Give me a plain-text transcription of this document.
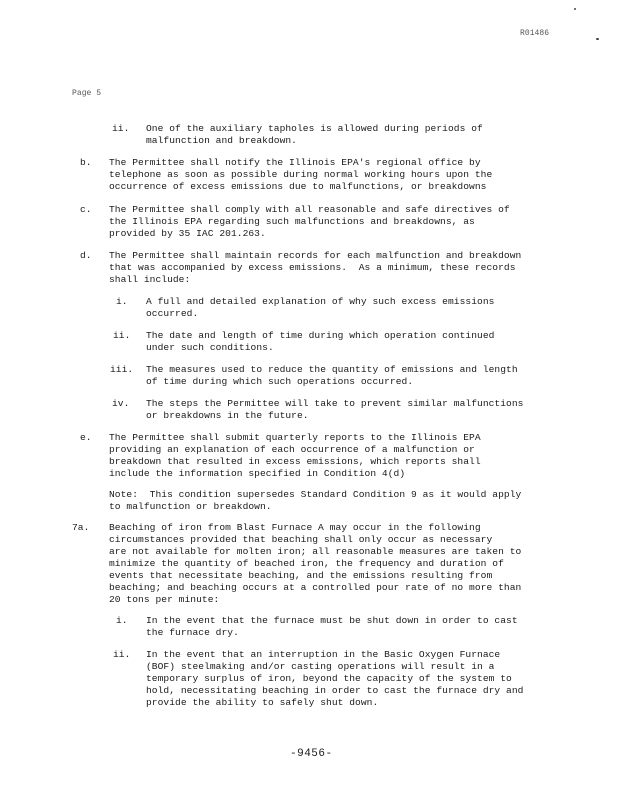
R01486
Page 5
ii. One of the auxiliary tapholes is allowed during periods of
malfunction and breakdown.
b. The Permittee shall notify the Illinois EPA's regional office by
telephone as soon as possible during normal working hours upon the
occurrence of excess emissions due to malfunctions, or breakdowns
c. The Permittee shall comply with all reasonable and safe directives of
the Illinois EPA regarding such malfunctions and breakdowns, as
provided by 35 IAC 201.263.
d. The Permittee shall maintain records for each malfunction and breakdown
that was accompanied by excess emissions.  As a minimum, these records
shall include:
i. A full and detailed explanation of why such excess emissions
occurred.
ii. The date and length of time during which operation continued
under such conditions.
iii. The measures used to reduce the quantity of emissions and length
of time during which such operations occurred.
iv. The steps the Permittee will take to prevent similar malfunctions
or breakdowns in the future.
e. The Permittee shall submit quarterly reports to the Illinois EPA
providing an explanation of each occurrence of a malfunction or
breakdown that resulted in excess emissions, which reports shall
include the information specified in Condition 4(d)
Note:  This condition supersedes Standard Condition 9 as it would apply
to malfunction or breakdown.
7a. Beaching of iron from Blast Furnace A may occur in the following
circumstances provided that beaching shall only occur as necessary
are not available for molten iron; all reasonable measures are taken to
minimize the quantity of beached iron, the frequency and duration of
events that necessitate beaching, and the emissions resulting from
beaching; and beaching occurs at a controlled pour rate of no more than
20 tons per minute:
i. In the event that the furnace must be shut down in order to cast
the furnace dry.
ii. In the event that an interruption in the Basic Oxygen Furnace
(BOF) steelmaking and/or casting operations will result in a
temporary surplus of iron, beyond the capacity of the system to
hold, necessitating beaching in order to cast the furnace dry and
provide the ability to safely shut down.
-9456-
